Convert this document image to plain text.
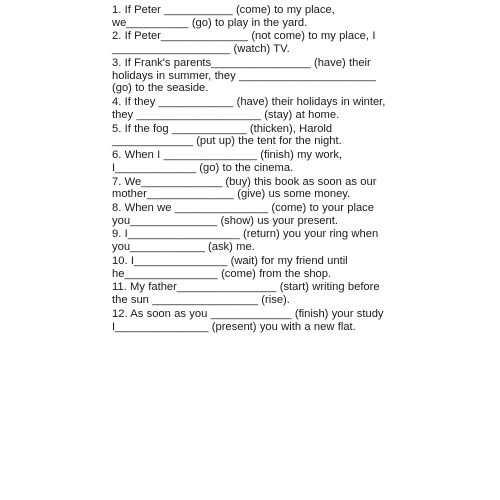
1. If Peter ___________ (come) to my place, we__________ (go) to play in the yard.
2. If Peter______________ (not come) to my place, I ___________________ (watch) TV.
3. If Frank's parents________________ (have) their holidays in summer, they ______________________ (go) to the seaside.
4. If they ____________ (have) their holidays in winter, they ____________________ (stay) at home.
5. If the fog ____________ (thicken), Harold _____________ (put up) the tent for the night.
6. When I _______________ (finish) my work, I_____________ (go) to the cinema.
7. We_____________ (buy) this book as soon as our mother______________ (give) us some money.
8. When we _______________ (come) to your place you______________ (show) us your present.
9. I__________________ (return) you your ring when you____________ (ask) me.
10. I_______________ (wait) for my friend until he_______________ (come) from the shop.
11. My father________________ (start) writing before the sun _________________ (rise).
12. As soon as you _____________ (finish) your study I_______________ (present) you with a new flat.
